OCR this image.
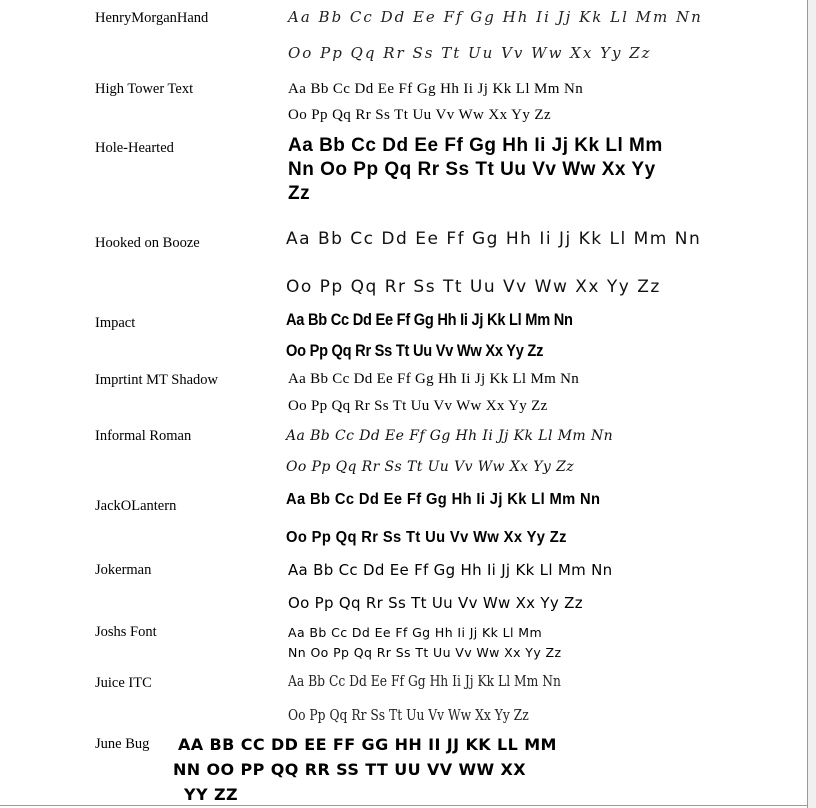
HenryMorganHand	Aa Bb Cc Dd Ee Ff Gg Hh Ii Jj Kk Ll Mm Nn
Oo Pp Qq Rr Ss Tt Uu Vv Ww Xx Yy Zz
High Tower Text	Aa Bb Cc Dd Ee Ff Gg Hh Ii Jj Kk Ll Mm Nn
Oo Pp Qq Rr Ss Tt Uu Vv Ww Xx Yy Zz
Hole-Hearted	Aa Bb Cc Dd Ee Ff Gg Hh Ii Jj Kk Ll Mm
Nn Oo Pp Qq Rr Ss Tt Uu Vv Ww Xx Yy
Zz
Hooked on Booze	Aa Bb Cc Dd Ee Ff Gg Hh Ii Jj Kk Ll Mm Nn
Oo Pp Qq Rr Ss Tt Uu Vv Ww Xx Yy Zz
Impact	Aa Bb Cc Dd Ee Ff Gg Hh Ii Jj Kk Ll Mm Nn
Oo Pp Qq Rr Ss Tt Uu Vv Ww Xx Yy Zz
Imprtint MT Shadow	Aa Bb Cc Dd Ee Ff Gg Hh Ii Jj Kk Ll Mm Nn
Oo Pp Qq Rr Ss Tt Uu Vv Ww Xx Yy Zz
Informal Roman	Aa Bb Cc Dd Ee Ff Gg Hh Ii Jj Kk Ll Mm Nn
Oo Pp Qq Rr Ss Tt Uu Vv Ww Xx Yy Zz
JackOLantern	Aa Bb Cc Dd Ee Ff Gg Hh Ii Jj Kk Ll Mm Nn
Oo Pp Qq Rr Ss Tt Uu Vv Ww Xx Yy Zz
Jokerman	Aa Bb Cc Dd Ee Ff Gg Hh Ii Jj Kk Ll Mm Nn
Oo Pp Qq Rr Ss Tt Uu Vv Ww Xx Yy Zz
Joshs Font	Aa Bb Cc Dd Ee Ff Gg Hh Ii Jj Kk Ll Mm
Nn Oo Pp Qq Rr Ss Tt Uu Vv Ww Xx Yy Zz
Juice ITC	Aa Bb Cc Dd Ee Ff Gg Hh Ii Jj Kk Ll Mm Nn
Oo Pp Qq Rr Ss Tt Uu Vv Ww Xx Yy Zz
June Bug AA BB CC DD EE FF GG HH II JJ KK LL MM
NN OO PP QQ RR SS TT UU VV WW XX
YY ZZ
